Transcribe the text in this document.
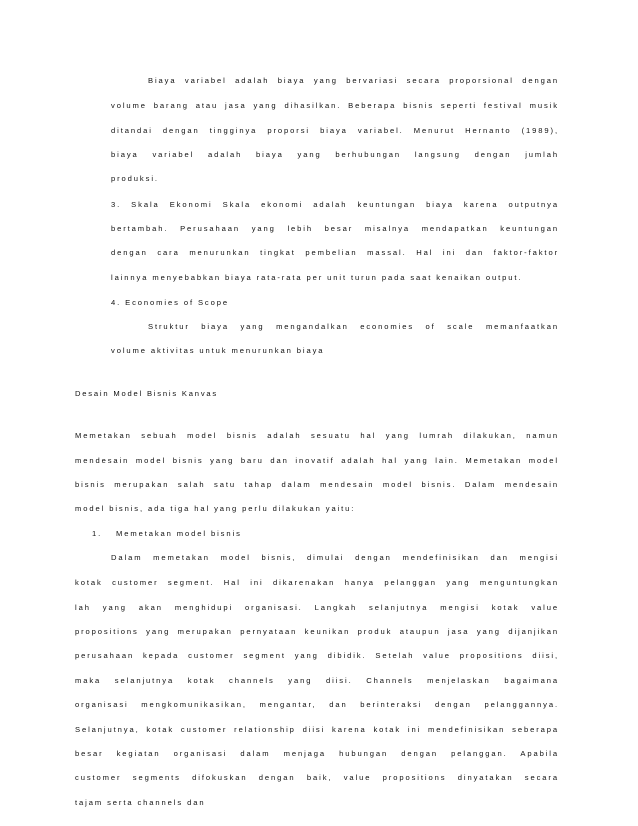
Biaya variabel adalah biaya yang bervariasi secara proporsional dengan
volume barang atau jasa yang dihasilkan. Beberapa bisnis seperti festival musik
ditandai dengan tingginya proporsi biaya variabel. Menurut Hernanto (1989),
biaya variabel adalah biaya yang berhubungan langsung dengan jumlah
produksi.
3. Skala Ekonomi Skala ekonomi adalah keuntungan biaya karena outputnya
bertambah. Perusahaan yang lebih besar misalnya mendapatkan keuntungan
dengan cara menurunkan tingkat pembelian massal. Hal ini dan faktor-faktor
lainnya menyebabkan biaya rata-rata per unit turun pada saat kenaikan output.
4. Economies of Scope
Struktur biaya yang mengandalkan economies of scale memanfaatkan
volume aktivitas untuk menurunkan biaya
Desain Model Bisnis Kanvas
Memetakan sebuah model bisnis adalah sesuatu hal yang lumrah dilakukan, namun
mendesain model bisnis yang baru dan inovatif adalah hal yang lain. Memetakan model
bisnis merupakan salah satu tahap dalam mendesain model bisnis. Dalam mendesain
model bisnis, ada tiga hal yang perlu dilakukan yaitu:
1. Memetakan model bisnis
Dalam memetakan model bisnis, dimulai dengan mendefinisikan dan mengisi
kotak customer segment. Hal ini dikarenakan hanya pelanggan yang menguntungkan
lah yang akan menghidupi organisasi. Langkah selanjutnya mengisi kotak value
propositions yang merupakan pernyataan keunikan produk ataupun jasa yang dijanjikan
perusahaan kepada customer segment yang dibidik. Setelah value propositions diisi,
maka selanjutnya kotak channels yang diisi. Channels menjelaskan bagaimana
organisasi mengkomunikasikan, mengantar, dan berinteraksi dengan pelanggannya.
Selanjutnya, kotak customer relationship diisi karena kotak ini mendefinisikan seberapa
besar kegiatan organisasi dalam menjaga hubungan dengan pelanggan. Apabila
customer segments difokuskan dengan baik, value propositions dinyatakan secara
tajam serta channels dan
